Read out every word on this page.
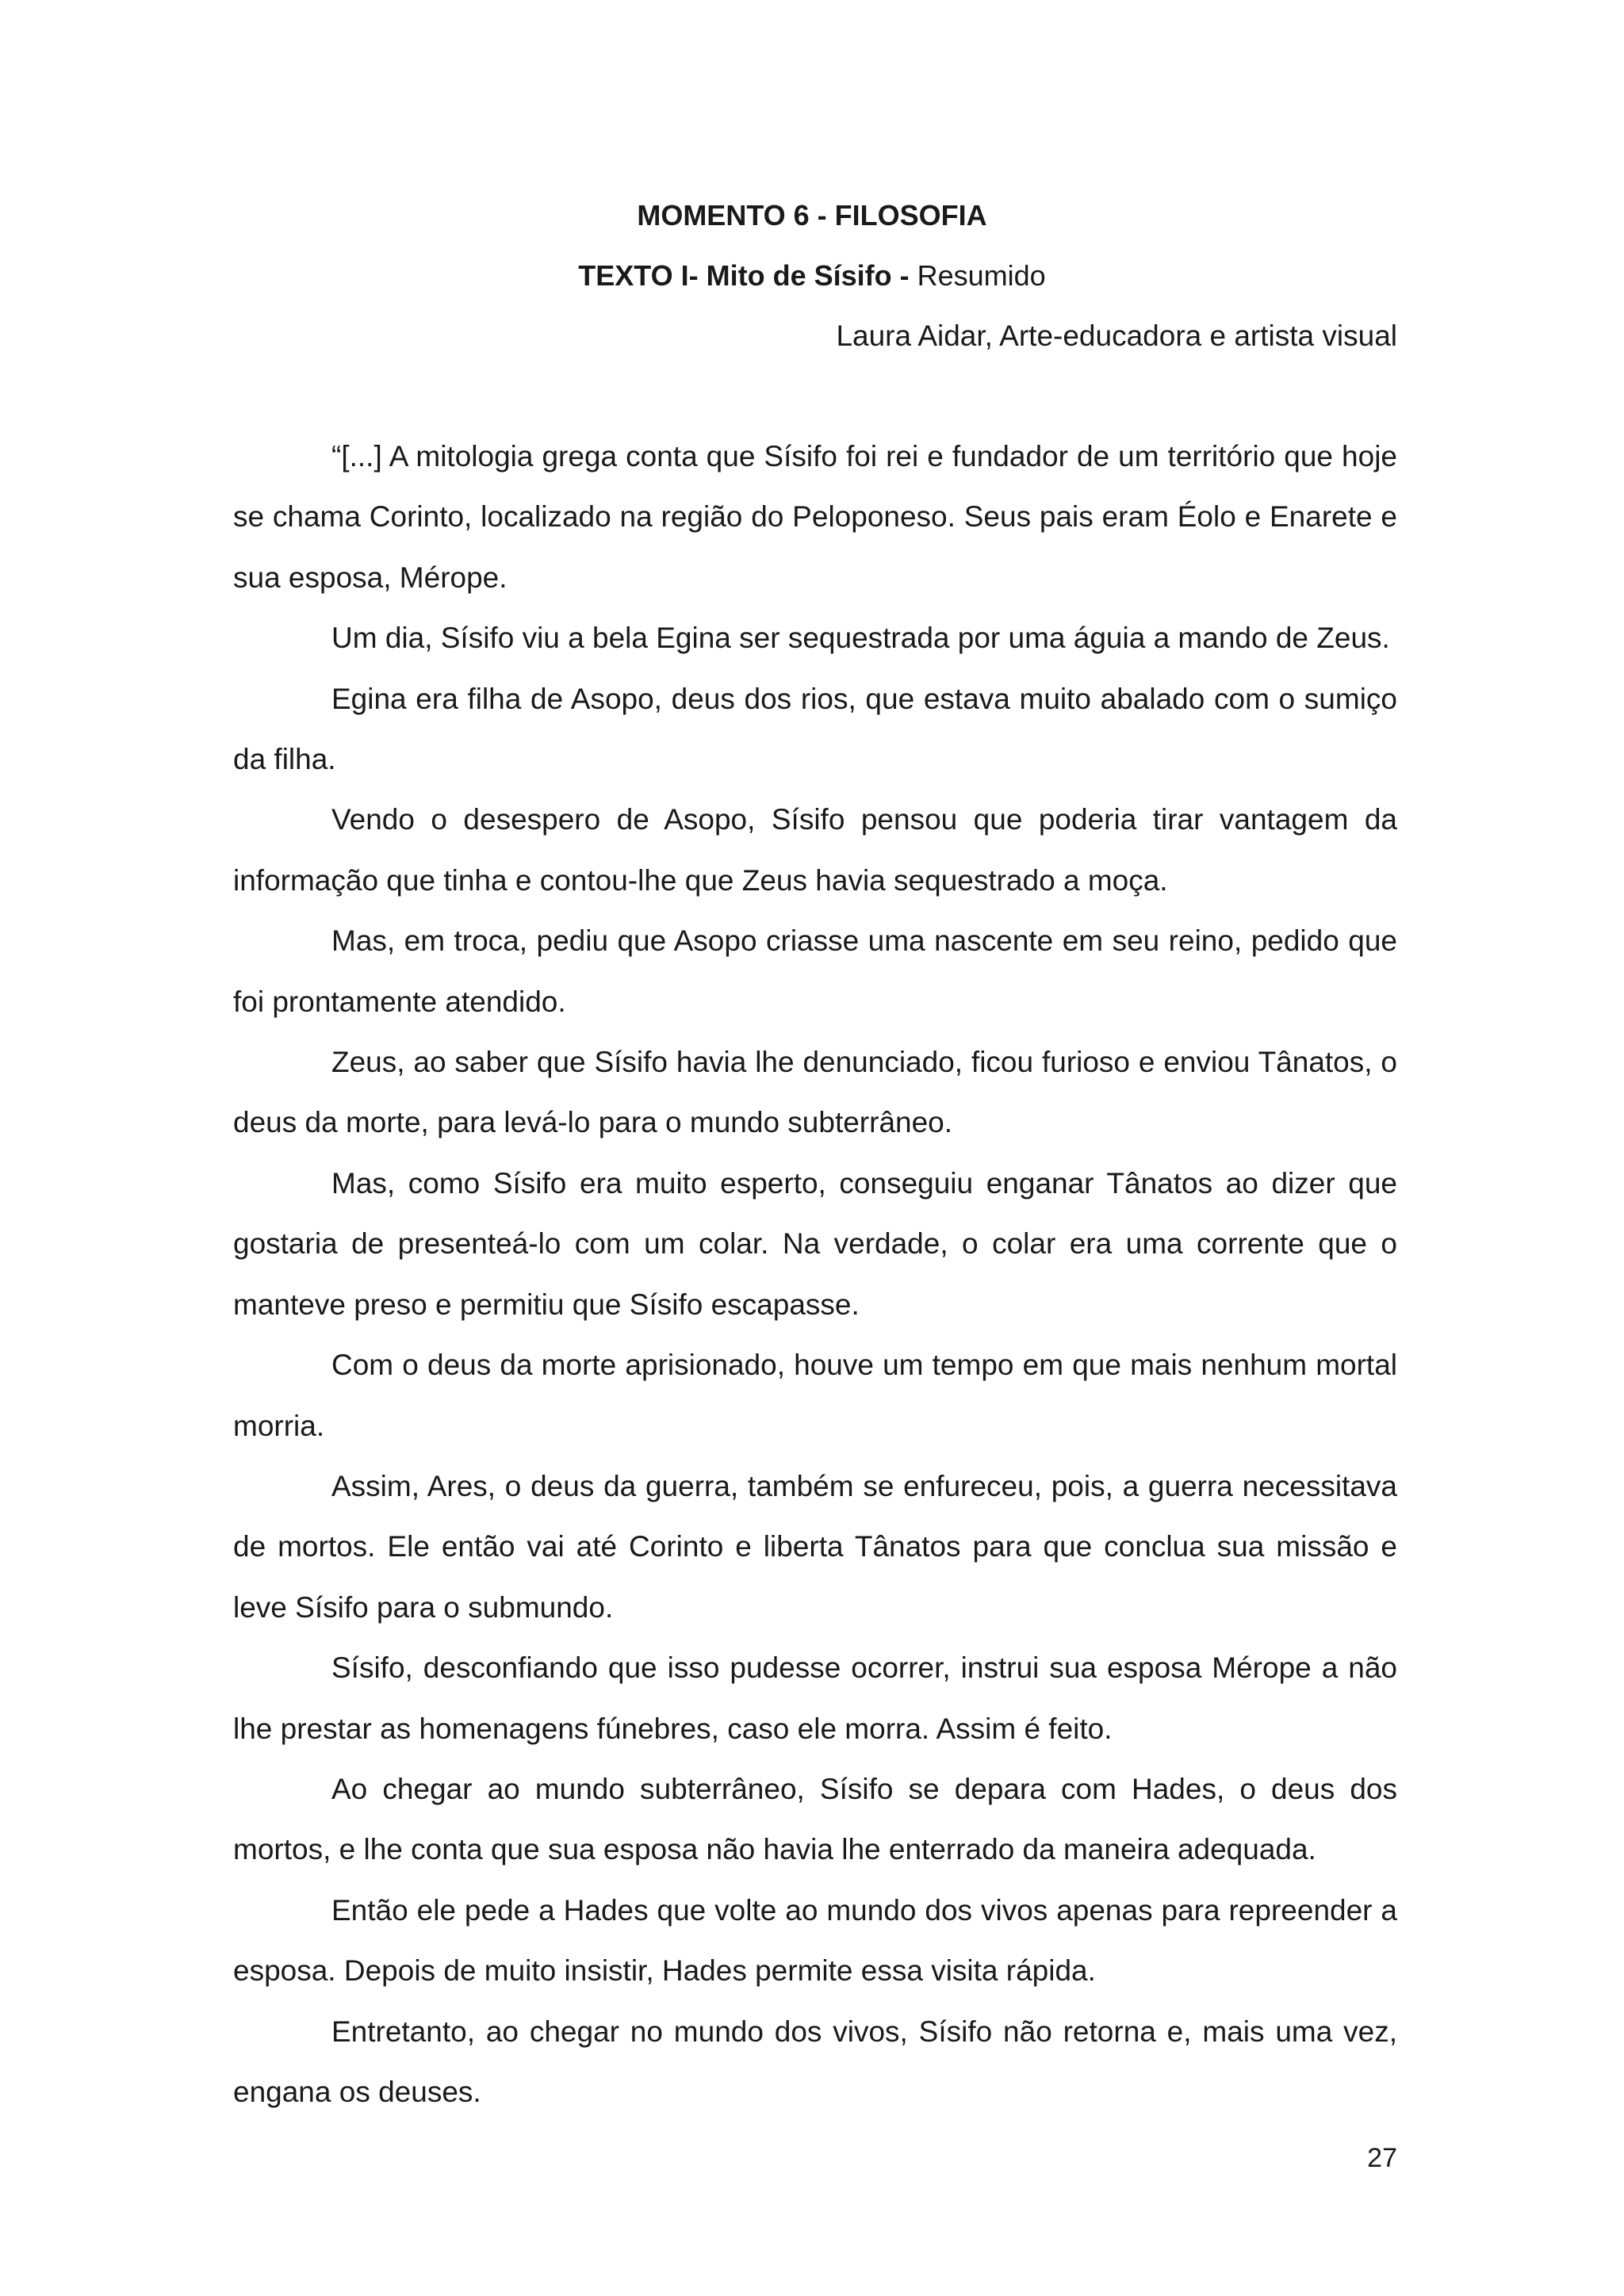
MOMENTO 6 - FILOSOFIA
TEXTO I- Mito de Sísifo - Resumido
Laura Aidar, Arte-educadora e artista visual

“[...] A mitologia grega conta que Sísifo foi rei e fundador de um território que hoje se chama Corinto, localizado na região do Peloponeso. Seus pais eram Éolo e Enarete e sua esposa, Mérope.

Um dia, Sísifo viu a bela Egina ser sequestrada por uma águia a mando de Zeus.

Egina era filha de Asopo, deus dos rios, que estava muito abalado com o sumiço da filha.

Vendo o desespero de Asopo, Sísifo pensou que poderia tirar vantagem da informação que tinha e contou-lhe que Zeus havia sequestrado a moça.

Mas, em troca, pediu que Asopo criasse uma nascente em seu reino, pedido que foi prontamente atendido.

Zeus, ao saber que Sísifo havia lhe denunciado, ficou furioso e enviou Tânatos, o deus da morte, para levá-lo para o mundo subterrâneo.

Mas, como Sísifo era muito esperto, conseguiu enganar Tânatos ao dizer que gostaria de presenteá-lo com um colar. Na verdade, o colar era uma corrente que o manteve preso e permitiu que Sísifo escapasse.

Com o deus da morte aprisionado, houve um tempo em que mais nenhum mortal morria.

Assim, Ares, o deus da guerra, também se enfureceu, pois, a guerra necessitava de mortos. Ele então vai até Corinto e liberta Tânatos para que conclua sua missão e leve Sísifo para o submundo.

Sísifo, desconfiando que isso pudesse ocorrer, instrui sua esposa Mérope a não lhe prestar as homenagens fúnebres, caso ele morra. Assim é feito.

Ao chegar ao mundo subterrâneo, Sísifo se depara com Hades, o deus dos mortos, e lhe conta que sua esposa não havia lhe enterrado da maneira adequada.

Então ele pede a Hades que volte ao mundo dos vivos apenas para repreender a esposa. Depois de muito insistir, Hades permite essa visita rápida.

Entretanto, ao chegar no mundo dos vivos, Sísifo não retorna e, mais uma vez, engana os deuses.

27
